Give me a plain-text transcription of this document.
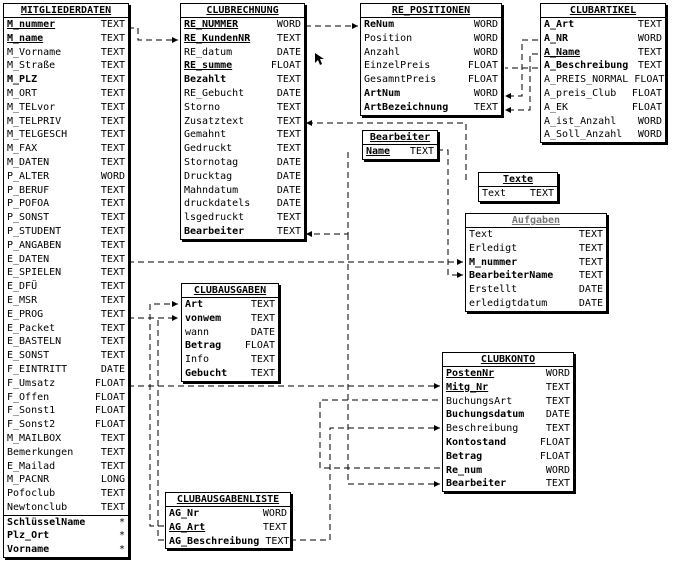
MITGLIEDERDATEN
M_nummer	TEXT
M_name	TEXT
M_Vorname	TEXT
M_Straße	TEXT
M_PLZ	TEXT
M_ORT	TEXT
M_TELvor	TEXT
M_TELPRIV	TEXT
M_TELGESCH	TEXT
M_FAX	TEXT
M_DATEN	TEXT
P_ALTER	WORD
P_BERUF	TEXT
P_POFOA	TEXT
P_SONST	TEXT
P_STUDENT	TEXT
P_ANGABEN	TEXT
E_DATEN	TEXT
E_SPIELEN	TEXT
E_DFÜ	TEXT
E_MSR	TEXT
E_PROG	TEXT
E_Packet	TEXT
E_BASTELN	TEXT
E_SONST	TEXT
F_EINTRITT	DATE
F_Umsatz	FLOAT
F_Offen	FLOAT
F_Sonst1	FLOAT
F_Sonst2	FLOAT
M_MAILBOX	TEXT
Bemerkungen	TEXT
E_Mailad	TEXT
M_PACNR	LONG
Pofoclub	TEXT
Newtonclub	TEXT
SchlüsselName	*
Plz_Ort	*
Vorname	*
CLUBRECHNUNG
RE_NUMMER	WORD
RE_KundenNR	TEXT
RE_datum	DATE
RE_summe	FLOAT
Bezahlt	TEXT
RE_Gebucht	DATE
Storno	TEXT
Zusatztext	TEXT
Gemahnt	TEXT
Gedruckt	TEXT
Stornotag	DATE
Drucktag	DATE
Mahndatum	DATE
druckdatels	DATE
lsgedruckt	TEXT
Bearbeiter	TEXT
RE_POSITIONEN
ReNum	WORD
Position	WORD
Anzahl	WORD
EinzelPreis	FLOAT
GesamntPreis	FLOAT
ArtNum	WORD
ArtBezeichnung	TEXT
CLUBARTIKEL
A_Art	TEXT
A_NR	WORD
A_Name	TEXT
A_Beschreibung TEXT
A_PREIS_NORMAL FLOAT
A_preis_Club	FLOAT
A_EK	FLOAT
A_ist_Anzahl	WORD
A_Soll_Anzahl	WORD
Bearbeiter
Name	TEXT
Texte
Text	TEXT
Aufgaben
Text	TEXT
Erledigt	TEXT
M_nummer	TEXT
BearbeiterName	TEXT
Erstellt	DATE
erledigtdatum	DATE
CLUBAUSGABEN
Art	TEXT
vonwem	TEXT
wann	DATE
Betrag	FLOAT
Info	TEXT
Gebucht	TEXT
CLUBKONTO
PostenNr	WORD
Mitg_Nr	TEXT
BuchungsArt	TEXT
Buchungsdatum	DATE
Beschreibung	TEXT
Kontostand	FLOAT
Betrag	FLOAT
Re_num	WORD
Bearbeiter	TEXT
CLUBAUSGABENLISTE
AG_Nr	WORD
AG_Art	TEXT
AG_Beschreibung TEXT
